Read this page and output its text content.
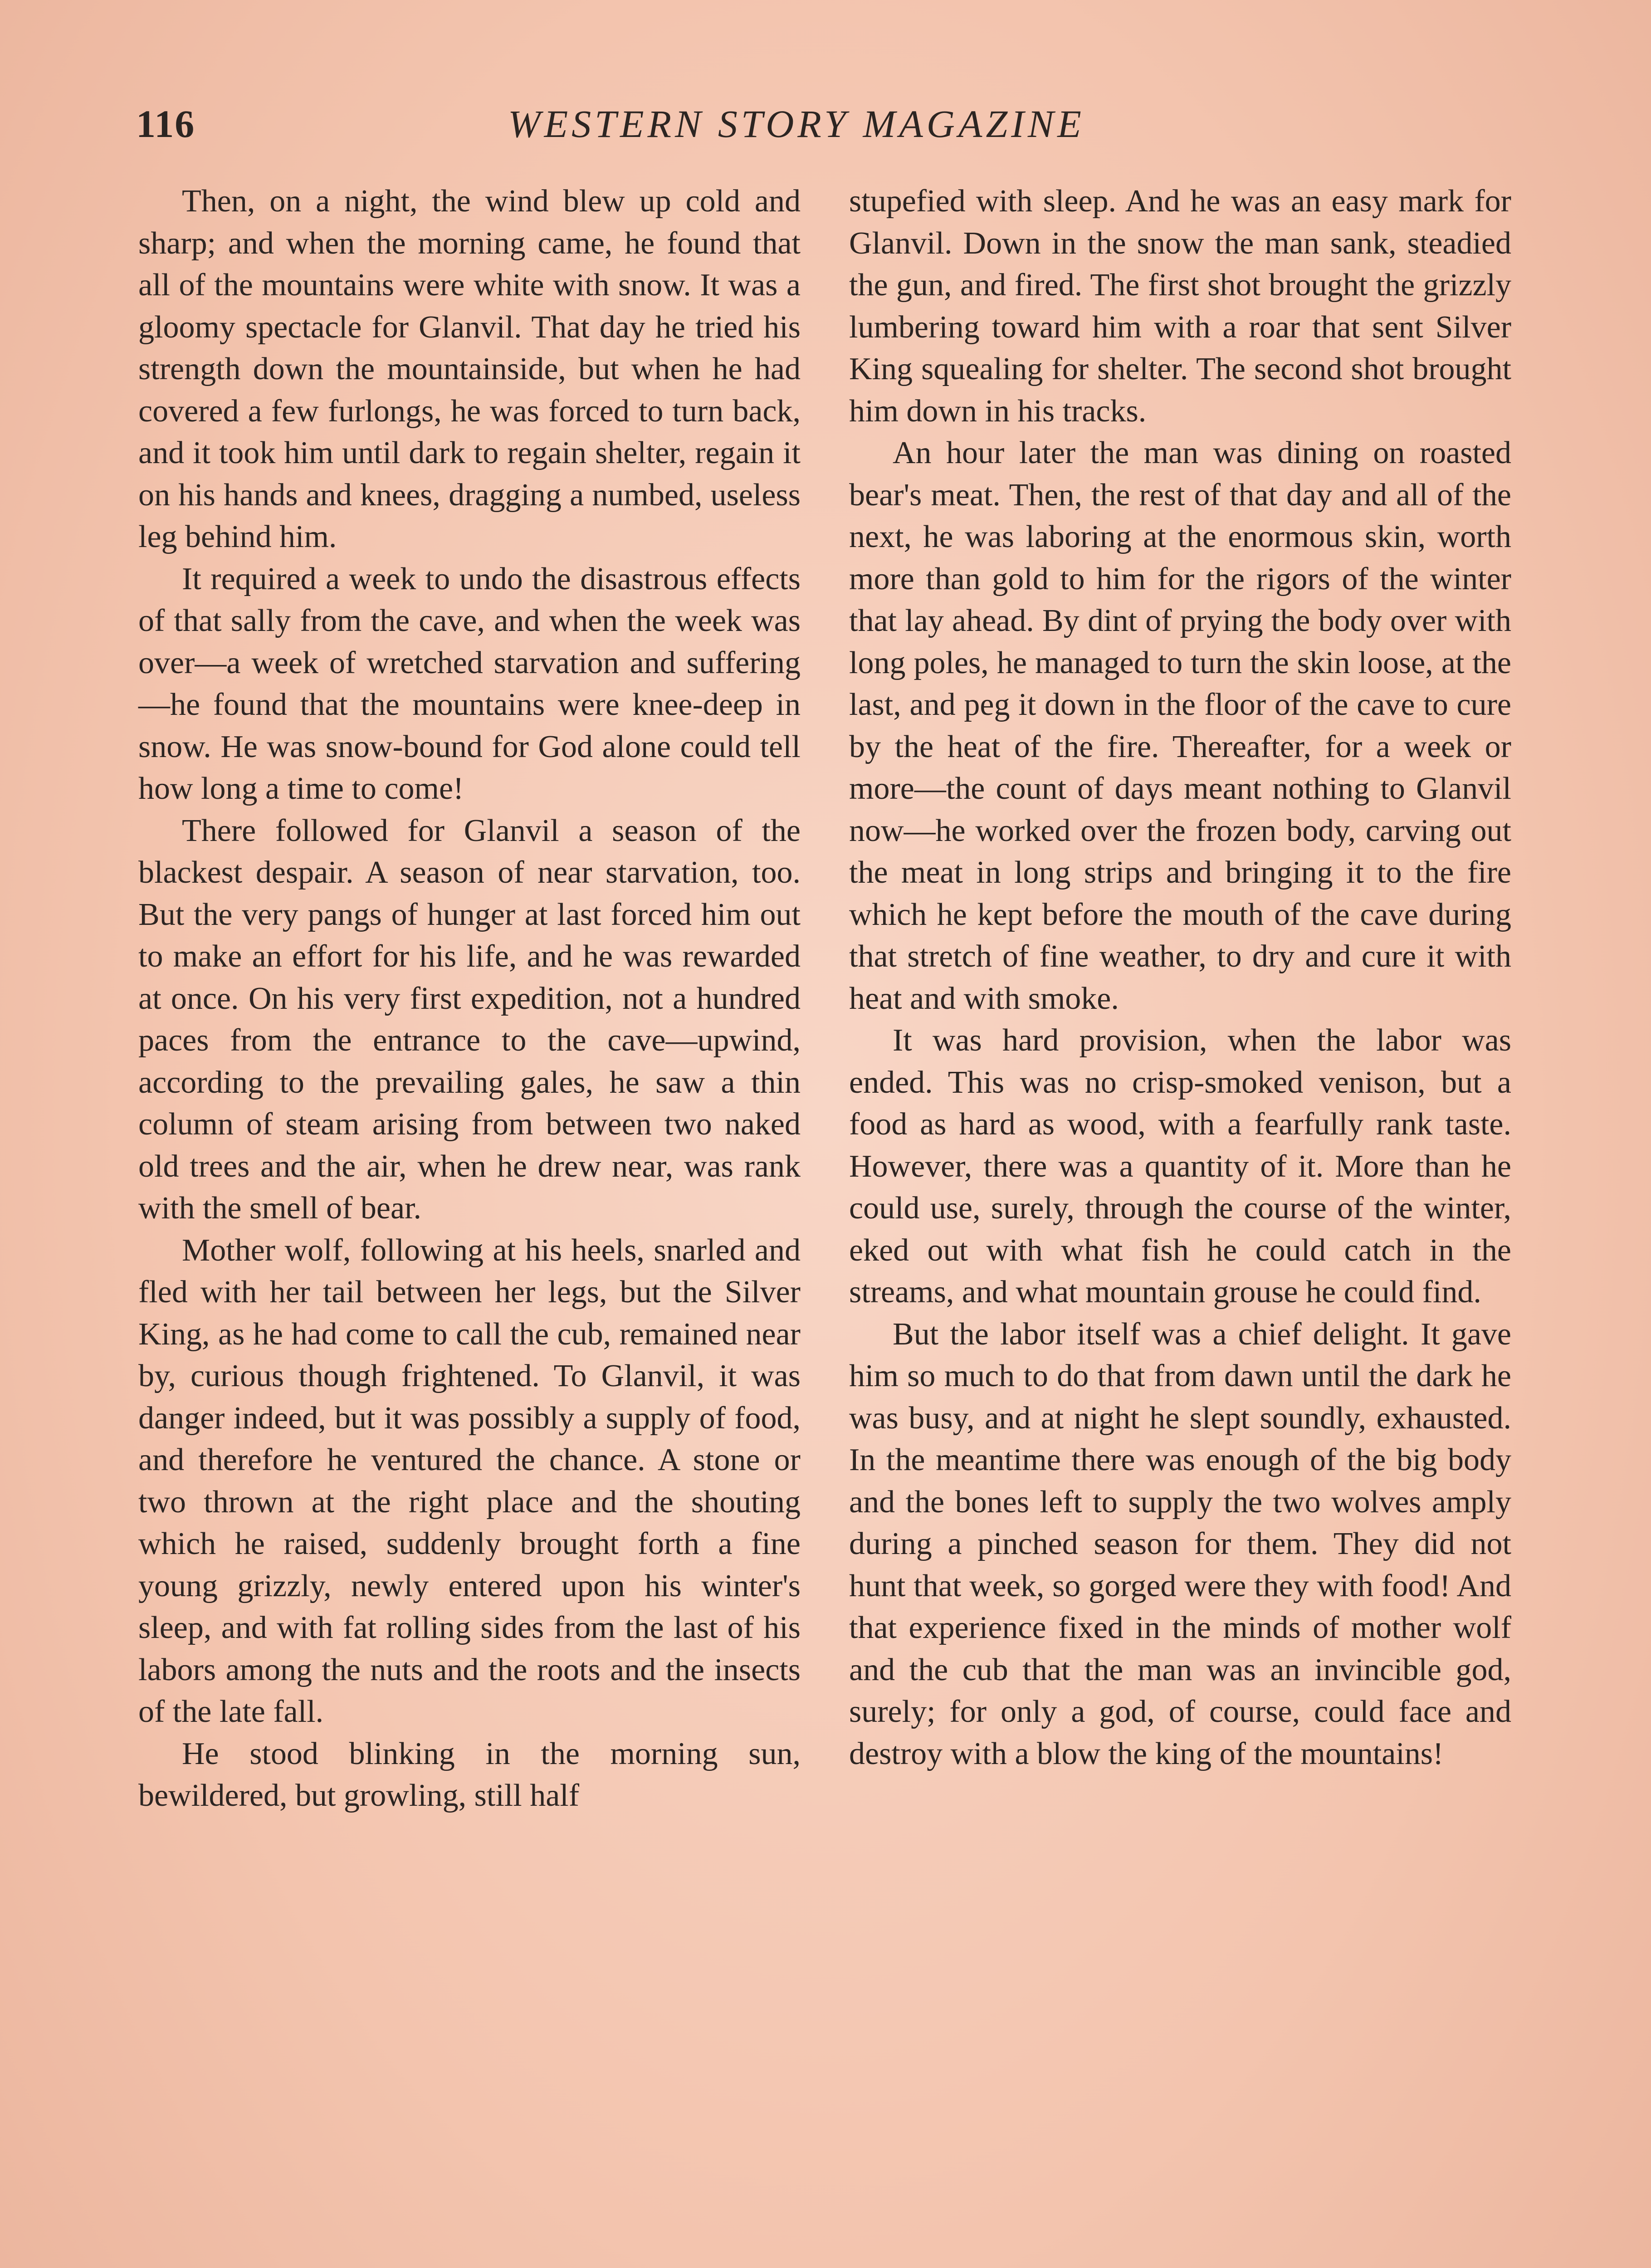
116	WESTERN STORY MAGAZINE

Then, on a night, the wind blew up cold and sharp; and when the morning came, he found that all of the mountains were white with snow. It was a gloomy spectacle for Glanvil. That day he tried his strength down the mountainside, but when he had covered a few furlongs, he was forced to turn back, and it took him until dark to regain shelter, regain it on his hands and knees, dragging a numbed, useless leg behind him.

It required a week to undo the disastrous effects of that sally from the cave, and when the week was over—a week of wretched starvation and suffering—he found that the mountains were knee-deep in snow. He was snow-bound for God alone could tell how long a time to come!

There followed for Glanvil a season of the blackest despair. A season of near starvation, too. But the very pangs of hunger at last forced him out to make an effort for his life, and he was rewarded at once. On his very first expedition, not a hundred paces from the entrance to the cave—upwind, according to the prevailing gales, he saw a thin column of steam arising from between two naked old trees and the air, when he drew near, was rank with the smell of bear.

Mother wolf, following at his heels, snarled and fled with her tail between her legs, but the Silver King, as he had come to call the cub, remained near by, curious though frightened. To Glanvil, it was danger indeed, but it was possibly a supply of food, and therefore he ventured the chance. A stone or two thrown at the right place and the shouting which he raised, suddenly brought forth a fine young grizzly, newly entered upon his winter's sleep, and with fat rolling sides from the last of his labors among the nuts and the roots and the insects of the late fall.

He stood blinking in the morning sun, bewildered, but growling, still half

stupefied with sleep. And he was an easy mark for Glanvil. Down in the snow the man sank, steadied the gun, and fired. The first shot brought the grizzly lumbering toward him with a roar that sent Silver King squealing for shelter. The second shot brought him down in his tracks.

An hour later the man was dining on roasted bear's meat. Then, the rest of that day and all of the next, he was laboring at the enormous skin, worth more than gold to him for the rigors of the winter that lay ahead. By dint of prying the body over with long poles, he managed to turn the skin loose, at the last, and peg it down in the floor of the cave to cure by the heat of the fire. Thereafter, for a week or more—the count of days meant nothing to Glanvil now—he worked over the frozen body, carving out the meat in long strips and bringing it to the fire which he kept before the mouth of the cave during that stretch of fine weather, to dry and cure it with heat and with smoke.

It was hard provision, when the labor was ended. This was no crisp-smoked venison, but a food as hard as wood, with a fearfully rank taste. However, there was a quantity of it. More than he could use, surely, through the course of the winter, eked out with what fish he could catch in the streams, and what mountain grouse he could find.

But the labor itself was a chief delight. It gave him so much to do that from dawn until the dark he was busy, and at night he slept soundly, exhausted. In the meantime there was enough of the big body and the bones left to supply the two wolves amply during a pinched season for them. They did not hunt that week, so gorged were they with food! And that experience fixed in the minds of mother wolf and the cub that the man was an invincible god, surely; for only a god, of course, could face and destroy with a blow the king of the mountains!
